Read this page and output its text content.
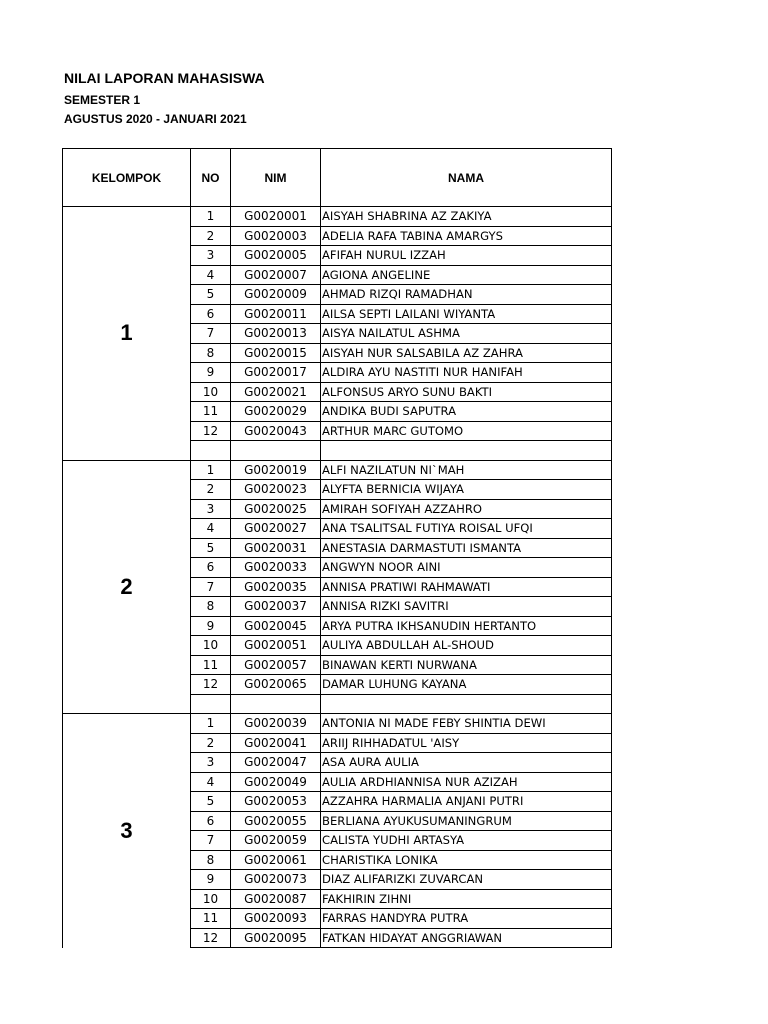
NILAI LAPORAN MAHASISWA
SEMESTER 1
AGUSTUS 2020 - JANUARI 2021
KELOMPOK	NO	NIM	NAMA
1	1	G0020001	AISYAH SHABRINA AZ ZAKIYA
	2	G0020003	ADELIA RAFA TABINA AMARGYS
	3	G0020005	AFIFAH NURUL IZZAH
	4	G0020007	AGIONA ANGELINE
	5	G0020009	AHMAD RIZQI RAMADHAN
	6	G0020011	AILSA SEPTI LAILANI WIYANTA
	7	G0020013	AISYA NAILATUL ASHMA
	8	G0020015	AISYAH NUR SALSABILA AZ ZAHRA
	9	G0020017	ALDIRA AYU NASTITI NUR HANIFAH
	10	G0020021	ALFONSUS ARYO SUNU BAKTI
	11	G0020029	ANDIKA BUDI SAPUTRA
	12	G0020043	ARTHUR MARC GUTOMO

2	1	G0020019	ALFI NAZILATUN NI`MAH
	2	G0020023	ALYFTA BERNICIA WIJAYA
	3	G0020025	AMIRAH SOFIYAH AZZAHRO
	4	G0020027	ANA TSALITSAL FUTIYA ROISAL UFQI
	5	G0020031	ANESTASIA DARMASTUTI ISMANTA
	6	G0020033	ANGWYN NOOR AINI
	7	G0020035	ANNISA PRATIWI RAHMAWATI
	8	G0020037	ANNISA RIZKI SAVITRI
	9	G0020045	ARYA PUTRA IKHSANUDIN HERTANTO
	10	G0020051	AULIYA ABDULLAH AL-SHOUD
	11	G0020057	BINAWAN KERTI NURWANA
	12	G0020065	DAMAR LUHUNG KAYANA

3	1	G0020039	ANTONIA NI MADE FEBY SHINTIA DEWI
	2	G0020041	ARIIJ RIHHADATUL 'AISY
	3	G0020047	ASA AURA AULIA
	4	G0020049	AULIA ARDHIANNISA NUR AZIZAH
	5	G0020053	AZZAHRA HARMALIA ANJANI PUTRI
	6	G0020055	BERLIANA AYUKUSUMANINGRUM
	7	G0020059	CALISTA YUDHI ARTASYA
	8	G0020061	CHARISTIKA LONIKA
	9	G0020073	DIAZ ALIFARIZKI ZUVARCAN
	10	G0020087	FAKHIRIN ZIHNI
	11	G0020093	FARRAS HANDYRA PUTRA
	12	G0020095	FATKAN HIDAYAT ANGGRIAWAN
